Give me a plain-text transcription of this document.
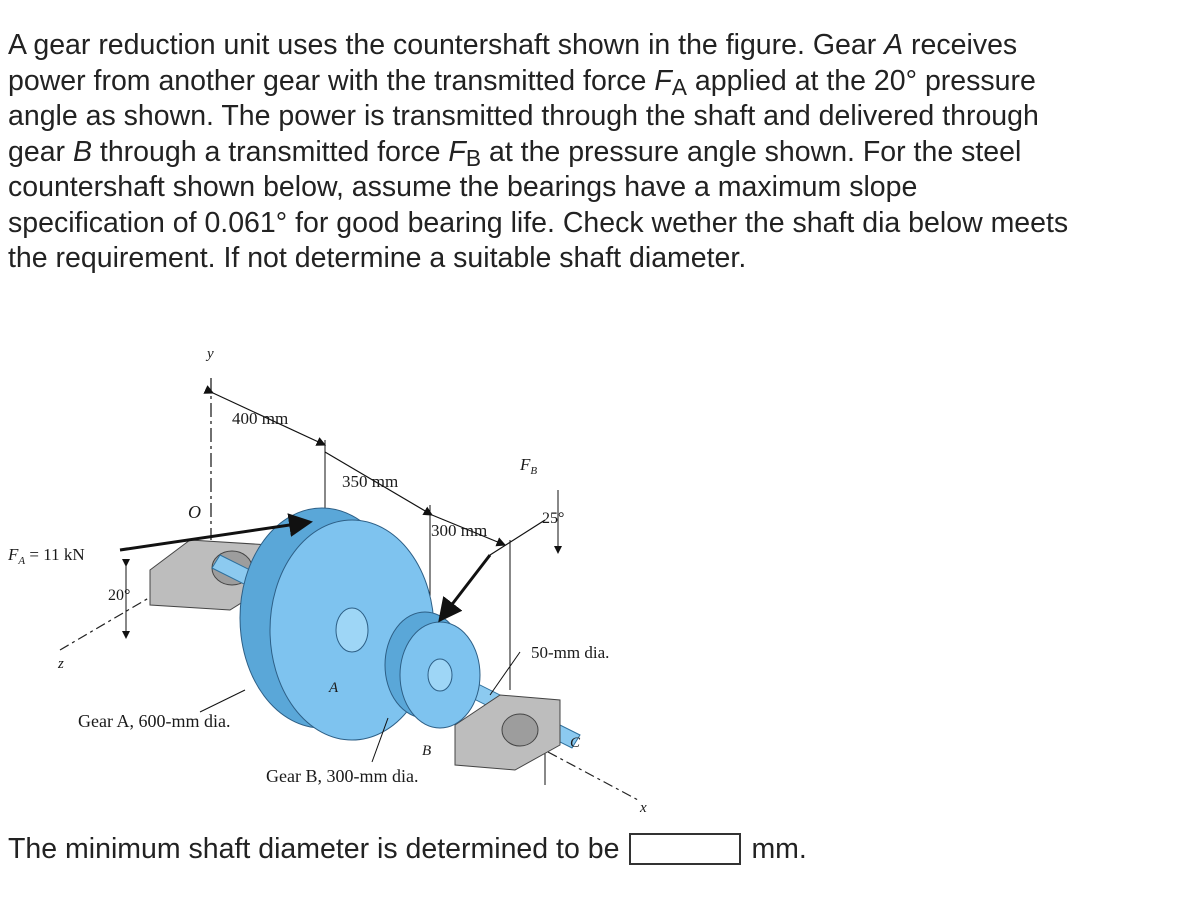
A gear reduction unit uses the countershaft shown in the figure. Gear A receives
power from another gear with the transmitted force $F_A$ applied at the 20° pressure
angle as shown. The power is transmitted through the shaft and delivered through
gear B through a transmitted force $F_B$ at the pressure angle shown. For the steel
countershaft shown below, assume the bearings have a maximum slope
specification of 0.061° for good bearing life. Check wether the shaft dia below meets
the requirement. If not determine a suitable shaft diameter.
y
z
x
O
400 mm
350 mm
300 mm
$F_B$
25°
$F_A = 11$ kN
20°
50-mm dia.
A
B	C
Gear A, 600-mm dia.
Gear B, 300-mm dia.
The minimum shaft diameter is determined to be	mm.
